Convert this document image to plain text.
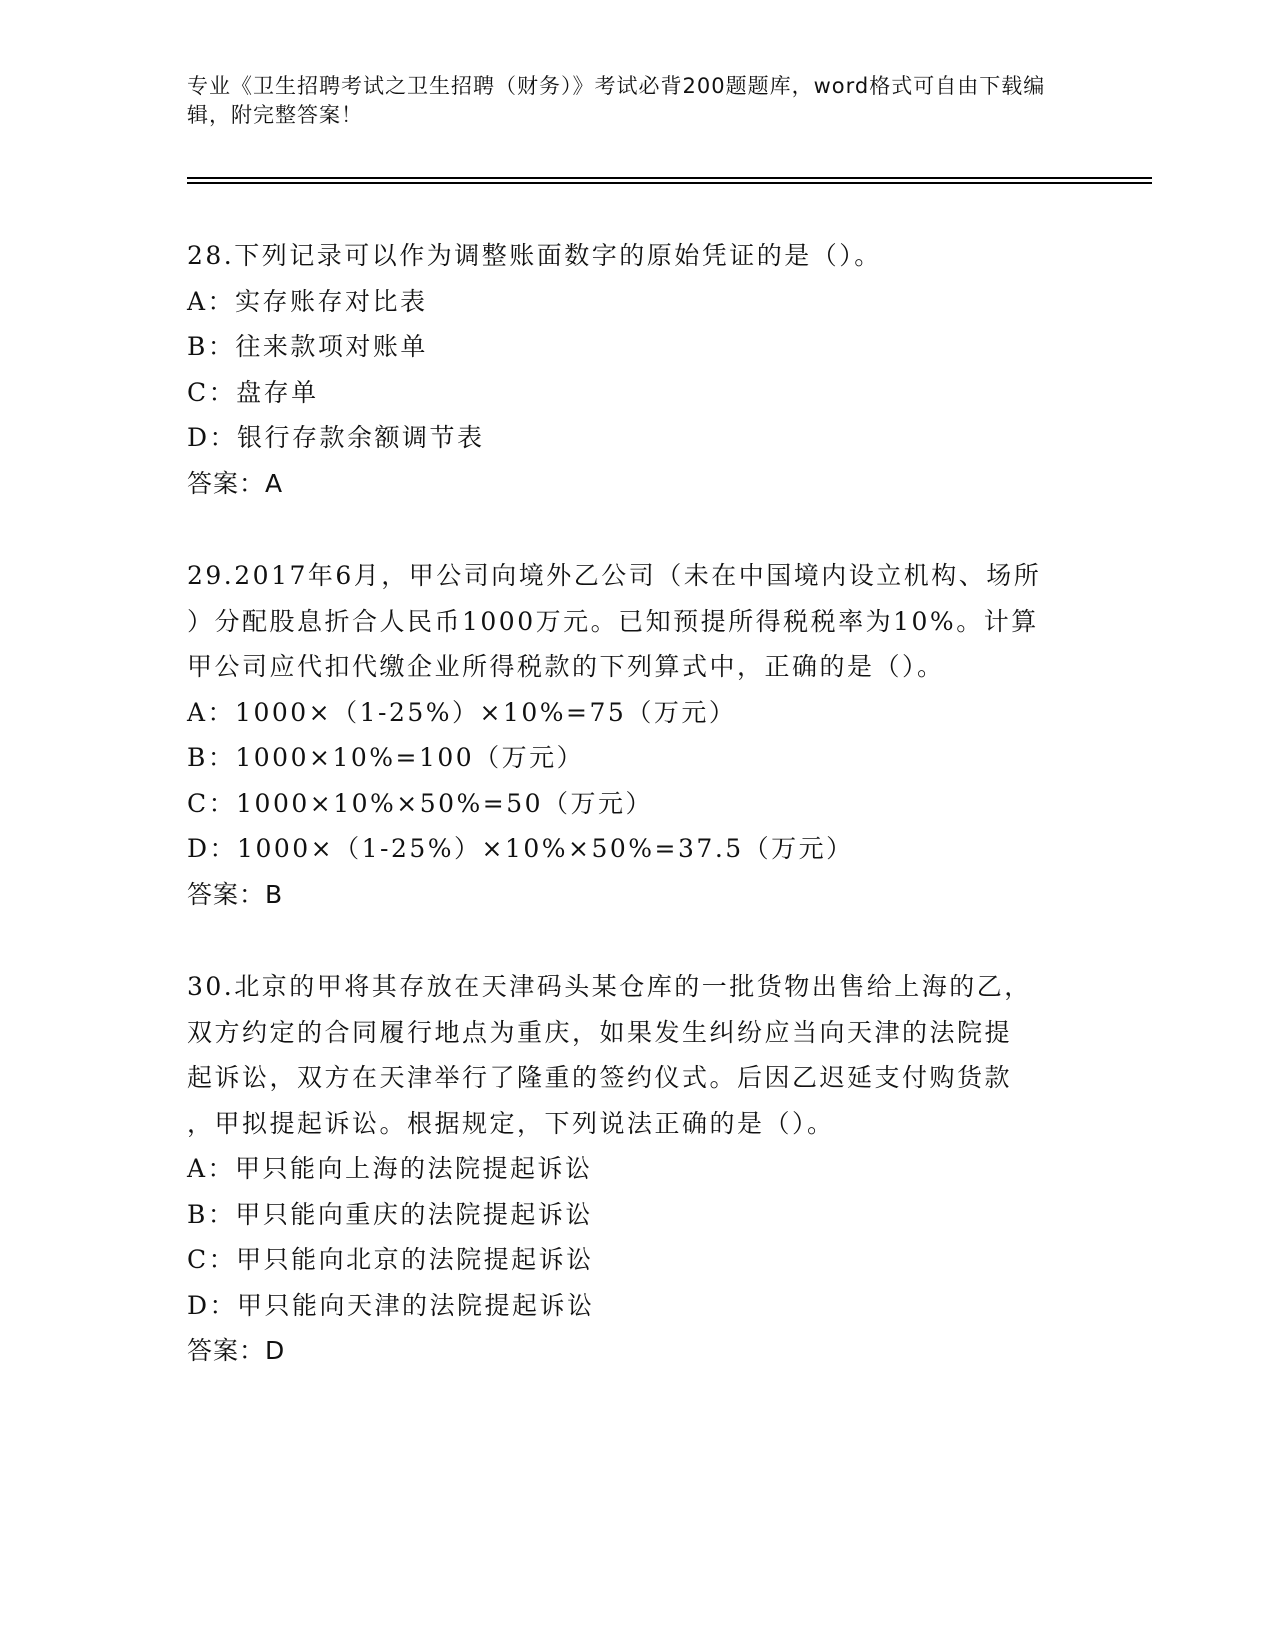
专业《卫生招聘考试之卫生招聘（财务）》考试必背200题题库，word格式可自由下载编辑，附完整答案！

28.下列记录可以作为调整账面数字的原始凭证的是（）。

A：实存账存对比表

B：往来款项对账单

C：盘存单

D：银行存款余额调节表

答案：A

29.2017年6月，甲公司向境外乙公司（未在中国境内设立机构、场所

）分配股息折合人民币1000万元。已知预提所得税税率为10%。计算

甲公司应代扣代缴企业所得税款的下列算式中，正确的是（）。

A：1000×（1-25%）×10%=75（万元）

B：1000×10%=100（万元）

C：1000×10%×50%=50（万元）

D：1000×（1-25%）×10%×50%=37.5（万元）

答案：B

30.北京的甲将其存放在天津码头某仓库的一批货物出售给上海的乙，

双方约定的合同履行地点为重庆，如果发生纠纷应当向天津的法院提

起诉讼，双方在天津举行了隆重的签约仪式。后因乙迟延支付购货款

，甲拟提起诉讼。根据规定，下列说法正确的是（）。

A：甲只能向上海的法院提起诉讼

B：甲只能向重庆的法院提起诉讼

C：甲只能向北京的法院提起诉讼

D：甲只能向天津的法院提起诉讼

答案：D
